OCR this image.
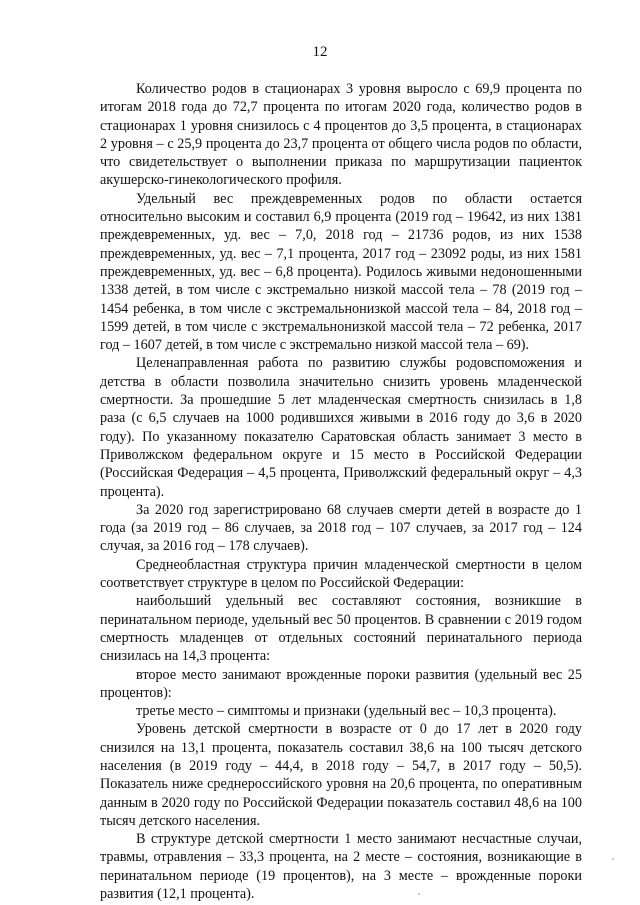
12

Количество родов в стационарах 3 уровня выросло с 69,9 процента по итогам 2018 года до 72,7 процента по итогам 2020 года, количество родов в стационарах 1 уровня снизилось с 4 процентов до 3,5 процента, в стационарах 2 уровня – с 25,9 процента до 23,7 процента от общего числа родов по области, что свидетельствует о выполнении приказа по маршрутизации пациенток акушерско-гинекологического профиля.

Удельный вес преждевременных родов по области остается относительно высоким и составил 6,9 процента (2019 год – 19642, из них 1381 преждевременных, уд. вес – 7,0, 2018 год – 21736 родов, из них 1538 преждевременных, уд. вес – 7,1 процента, 2017 год – 23092 роды, из них 1581 преждевременных, уд. вес – 6,8 процента). Родилось живыми недоношенными 1338 детей, в том числе с экстремально низкой массой тела – 78 (2019 год – 1454 ребенка, в том числе с экстремальнонизкой массой тела – 84, 2018 год – 1599 детей, в том числе с экстремальнонизкой массой тела – 72 ребенка, 2017 год – 1607 детей, в том числе с экстремально низкой массой тела – 69).

Целенаправленная работа по развитию службы родовспоможения и детства в области позволила значительно снизить уровень младенческой смертности. За прошедшие 5 лет младенческая смертность снизилась в 1,8 раза (с 6,5 случаев на 1000 родившихся живыми в 2016 году до 3,6 в 2020 году). По указанному показателю Саратовская область занимает 3 место в Приволжском федеральном округе и 15 место в Российской Федерации (Российская Федерация – 4,5 процента, Приволжский федеральный округ – 4,3 процента).

За 2020 год зарегистрировано 68 случаев смерти детей в возрасте до 1 года (за 2019 год – 86 случаев, за 2018 год – 107 случаев, за 2017 год – 124 случая, за 2016 год – 178 случаев).

Среднеобластная структура причин младенческой смертности в целом соответствует структуре в целом по Российской Федерации:

наибольший удельный вес составляют состояния, возникшие в перинатальном периоде, удельный вес 50 процентов. В сравнении с 2019 годом смертность младенцев от отдельных состояний перинатального периода снизилась на 14,3 процента:

второе место занимают врожденные пороки развития (удельный вес 25 процентов):

третье место – симптомы и признаки (удельный вес – 10,3 процента).

Уровень детской смертности в возрасте от 0 до 17 лет в 2020 году снизился на 13,1 процента, показатель составил 38,6 на 100 тысяч детского населения (в 2019 году – 44,4, в 2018 году – 54,7, в 2017 году – 50,5). Показатель ниже среднероссийского уровня на 20,6 процента, по оперативным данным в 2020 году по Российской Федерации показатель составил 48,6 на 100 тысяч детского населения.

В структуре детской смертности 1 место занимают несчастные случаи, травмы, отравления – 33,3 процента, на 2 месте – состояния, возникающие в перинатальном периоде (19 процентов), на 3 месте – врожденные пороки развития (12,1 процента).
